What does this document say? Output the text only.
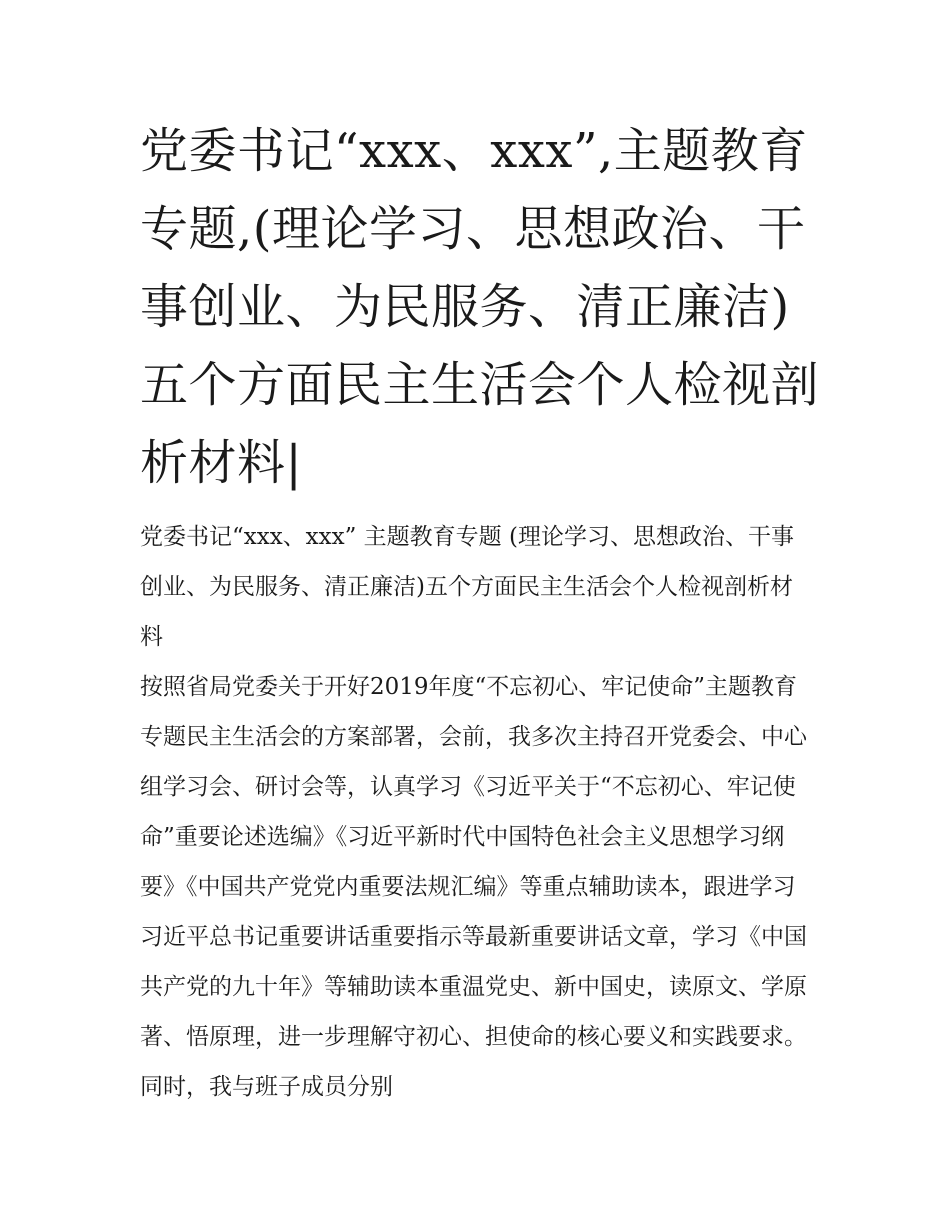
党委书记“xxx、xxx”,主题教育专题,(理论学习、思想政治、干事创业、为民服务、清正廉洁)五个方面民主生活会个人检视剖析材料|

党委书记“xxx、xxx” 主题教育专题 (理论学习、思想政治、干事创业、为民服务、清正廉洁)五个方面民主生活会个人检视剖析材料

按照省局党委关于开好2019年度“不忘初心、牢记使命”主题教育专题民主生活会的方案部署，会前，我多次主持召开党委会、中心组学习会、研讨会等，认真学习《习近平关于“不忘初心、牢记使命”重要论述选编》《习近平新时代中国特色社会主义思想学习纲要》《中国共产党党内重要法规汇编》等重点辅助读本，跟进学习习近平总书记重要讲话重要指示等最新重要讲话文章，学习《中国共产党的九十年》等辅助读本重温党史、新中国史，读原文、学原著、悟原理，进一步理解守初心、担使命的核心要义和实践要求。同时，我与班子成员分别
